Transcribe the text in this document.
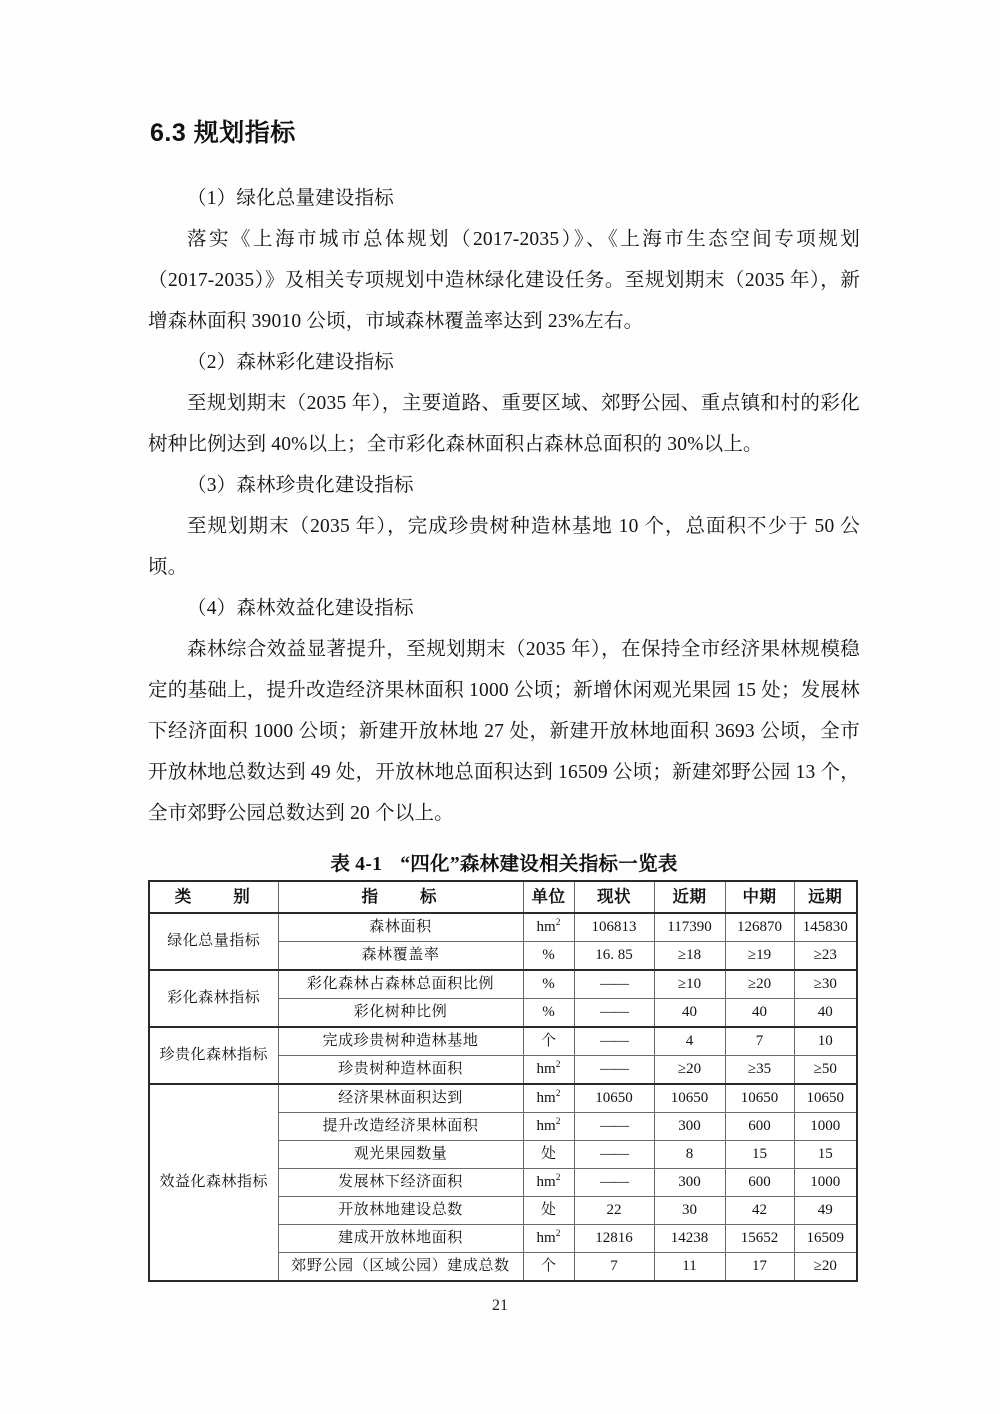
6.3 规划指标

（1）绿化总量建设指标

落实《上海市城市总体规划（2017-2035）》、《上海市生态空间专项规划（2017-2035）》及相关专项规划中造林绿化建设任务。至规划期末（2035 年），新增森林面积 39010 公顷，市域森林覆盖率达到 23%左右。

（2）森林彩化建设指标

至规划期末（2035 年），主要道路、重要区域、郊野公园、重点镇和村的彩化树种比例达到 40%以上；全市彩化森林面积占森林总面积的 30%以上。

（3）森林珍贵化建设指标

至规划期末（2035 年），完成珍贵树种造林基地 10 个，总面积不少于 50 公顷。

（4）森林效益化建设指标

森林综合效益显著提升，至规划期末（2035 年），在保持全市经济果林规模稳定的基础上，提升改造经济果林面积 1000 公顷；新增休闲观光果园 15 处；发展林下经济面积 1000 公顷；新建开放林地 27 处，新建开放林地面积 3693 公顷，全市开放林地总数达到 49 处，开放林地总面积达到 16509 公顷；新建郊野公园 13 个，全市郊野公园总数达到 20 个以上。

表 4-1 “四化”森林建设相关指标一览表
类　　别	指　　标	单位	现状	近期	中期	远期
绿化总量指标	森林面积	$hm^2$	106813	117390	126870	145830
	森林覆盖率	%	16. 85	≥18	≥19	≥23
彩化森林指标	彩化森林占森林总面积比例	%	——	≥10	≥20	≥30
	彩化树种比例	%	——	40	40	40
珍贵化森林指标	完成珍贵树种造林基地	个	——	4	7	10
	珍贵树种造林面积	$hm^2$	——	≥20	≥35	≥50
效益化森林指标	经济果林面积达到	$hm^2$	10650	10650	10650	10650
	提升改造经济果林面积	$hm^2$	——	300	600	1000
	观光果园数量	处	——	8	15	15
	发展林下经济面积	$hm^2$	——	300	600	1000
	开放林地建设总数	处	22	30	42	49
	建成开放林地面积	$hm^2$	12816	14238	15652	16509
	郊野公园（区域公园）建成总数	个	7	11	17	≥20
21
